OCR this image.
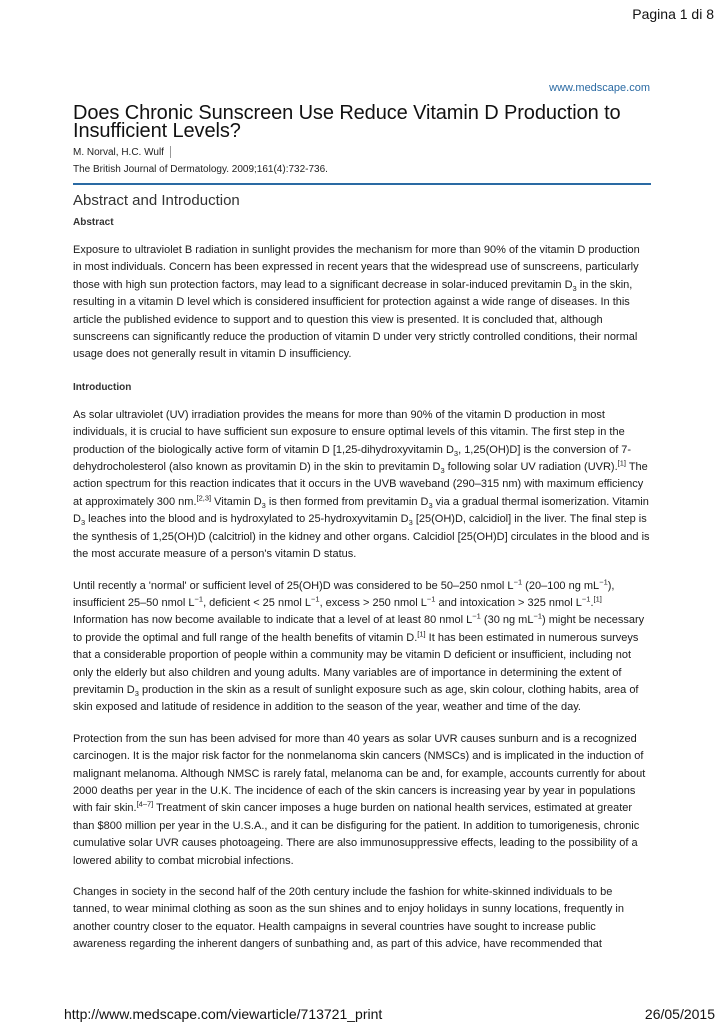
Pagina 1 di 8
www.medscape.com
Does Chronic Sunscreen Use Reduce Vitamin D Production to Insufficient Levels?
M. Norval, H.C. Wulf
The British Journal of Dermatology. 2009;161(4):732-736.
Abstract and Introduction
Abstract

Exposure to ultraviolet B radiation in sunlight provides the mechanism for more than 90% of the vitamin D production in most individuals. Concern has been expressed in recent years that the widespread use of sunscreens, particularly those with high sun protection factors, may lead to a significant decrease in solar-induced previtamin $D_3$ in the skin, resulting in a vitamin D level which is considered insufficient for protection against a wide range of diseases. In this article the published evidence to support and to question this view is presented. It is concluded that, although sunscreens can significantly reduce the production of vitamin D under very strictly controlled conditions, their normal usage does not generally result in vitamin D insufficiency.

Introduction

As solar ultraviolet (UV) irradiation provides the means for more than 90% of the vitamin D production in most individuals, it is crucial to have sufficient sun exposure to ensure optimal levels of this vitamin. The first step in the production of the biologically active form of vitamin D [1,25-dihydroxyvitamin $D_3$, 1,25(OH)D] is the conversion of 7-dehydrocholesterol (also known as provitamin D) in the skin to previtamin $D_3$ following solar UV radiation (UVR).[1] The action spectrum for this reaction indicates that it occurs in the UVB waveband (290–315 nm) with maximum efficiency at approximately 300 nm.[2,3] Vitamin $D_3$ is then formed from previtamin $D_3$ via a gradual thermal isomerization. Vitamin $D_3$ leaches into the blood and is hydroxylated to 25-hydroxyvitamin $D_3$ [25(OH)D, calcidiol] in the liver. The final step is the synthesis of 1,25(OH)D (calcitriol) in the kidney and other organs. Calcidiol [25(OH)D] circulates in the blood and is the most accurate measure of a person's vitamin D status.

Until recently a 'normal' or sufficient level of 25(OH)D was considered to be 50–250 nmol $L^{-1}$ (20–100 ng $mL^{-1}$), insufficient 25–50 nmol $L^{-1}$, deficient < 25 nmol $L^{-1}$, excess > 250 nmol $L^{-1}$ and intoxication > 325 nmol $L^{-1}.[1]$ Information has now become available to indicate that a level of at least 80 nmol $L^{-1}$ (30 ng $mL^{-1}$) might be necessary to provide the optimal and full range of the health benefits of vitamin D.[1] It has been estimated in numerous surveys that a considerable proportion of people within a community may be vitamin D deficient or insufficient, including not only the elderly but also children and young adults. Many variables are of importance in determining the extent of previtamin $D_3$ production in the skin as a result of sunlight exposure such as age, skin colour, clothing habits, area of skin exposed and latitude of residence in addition to the season of the year, weather and time of the day.

Protection from the sun has been advised for more than 40 years as solar UVR causes sunburn and is a recognized carcinogen. It is the major risk factor for the nonmelanoma skin cancers (NMSCs) and is implicated in the induction of malignant melanoma. Although NMSC is rarely fatal, melanoma can be and, for example, accounts currently for about 2000 deaths per year in the U.K. The incidence of each of the skin cancers is increasing year by year in populations with fair skin.[4–7] Treatment of skin cancer imposes a huge burden on national health services, estimated at greater than $800 million per year in the U.S.A., and it can be disfiguring for the patient. In addition to tumorigenesis, chronic cumulative solar UVR causes photoageing. There are also immunosuppressive effects, leading to the possibility of a lowered ability to combat microbial infections.

Changes in society in the second half of the 20th century include the fashion for white-skinned individuals to be tanned, to wear minimal clothing as soon as the sun shines and to enjoy holidays in sunny locations, frequently in another country closer to the equator. Health campaigns in several countries have sought to increase public awareness regarding the inherent dangers of sunbathing and, as part of this advice, have recommended that

http://www.medscape.com/viewarticle/713721_print	26/05/2015
